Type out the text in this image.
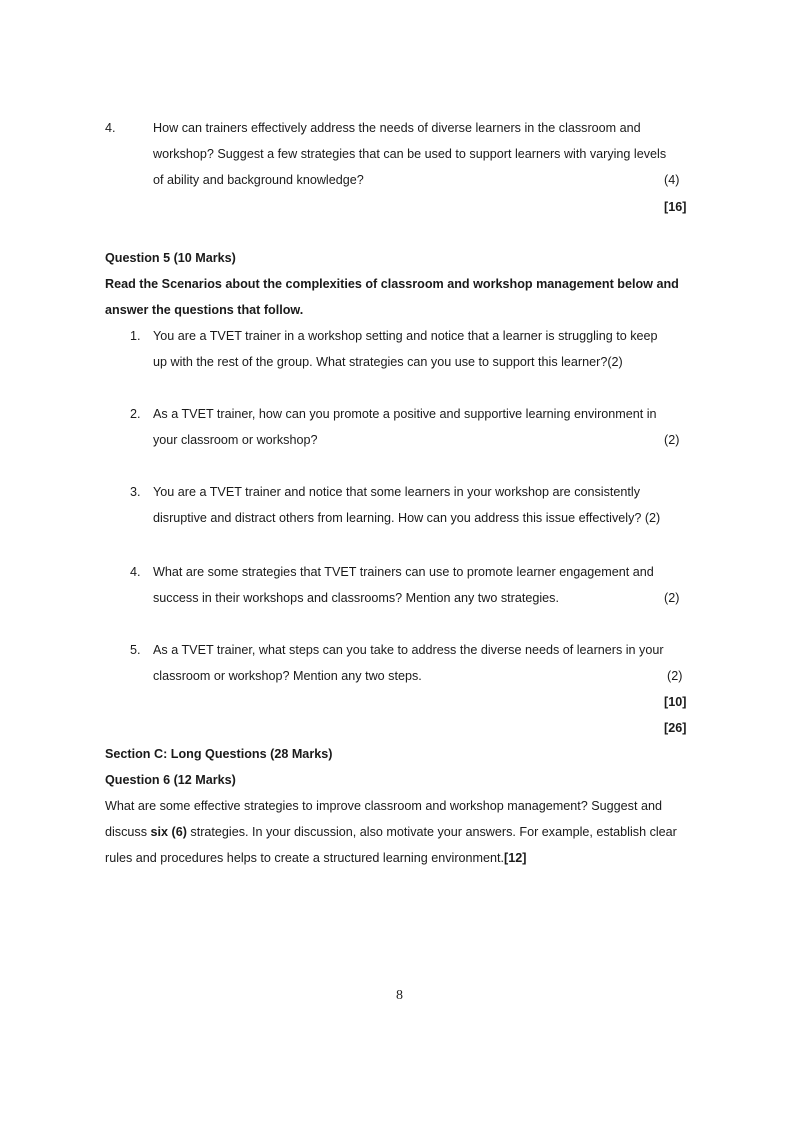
4.	How can trainers effectively address the needs of diverse learners in the classroom and
workshop? Suggest a few strategies that can be used to support learners with varying levels
of ability and background knowledge?	(4)
[16]
Question 5 (10 Marks)
Read the Scenarios about the complexities of classroom and workshop management below and
answer the questions that follow.
1. You are a TVET trainer in a workshop setting and notice that a learner is struggling to keep
up with the rest of the group. What strategies can you use to support this learner?(2)
2. As a TVET trainer, how can you promote a positive and supportive learning environment in
your classroom or workshop?	(2)
3. You are a TVET trainer and notice that some learners in your workshop are consistently
disruptive and distract others from learning. How can you address this issue effectively? (2)
4. What are some strategies that TVET trainers can use to promote learner engagement and
success in their workshops and classrooms? Mention any two strategies.	(2)
5. As a TVET trainer, what steps can you take to address the diverse needs of learners in your
classroom or workshop? Mention any two steps.	(2)
[10]
[26]
Section C: Long Questions (28 Marks)
Question 6 (12 Marks)
What are some effective strategies to improve classroom and workshop management? Suggest and
discuss six (6) strategies. In your discussion, also motivate your answers. For example, establish clear
rules and procedures helps to create a structured learning environment.[12]
8
